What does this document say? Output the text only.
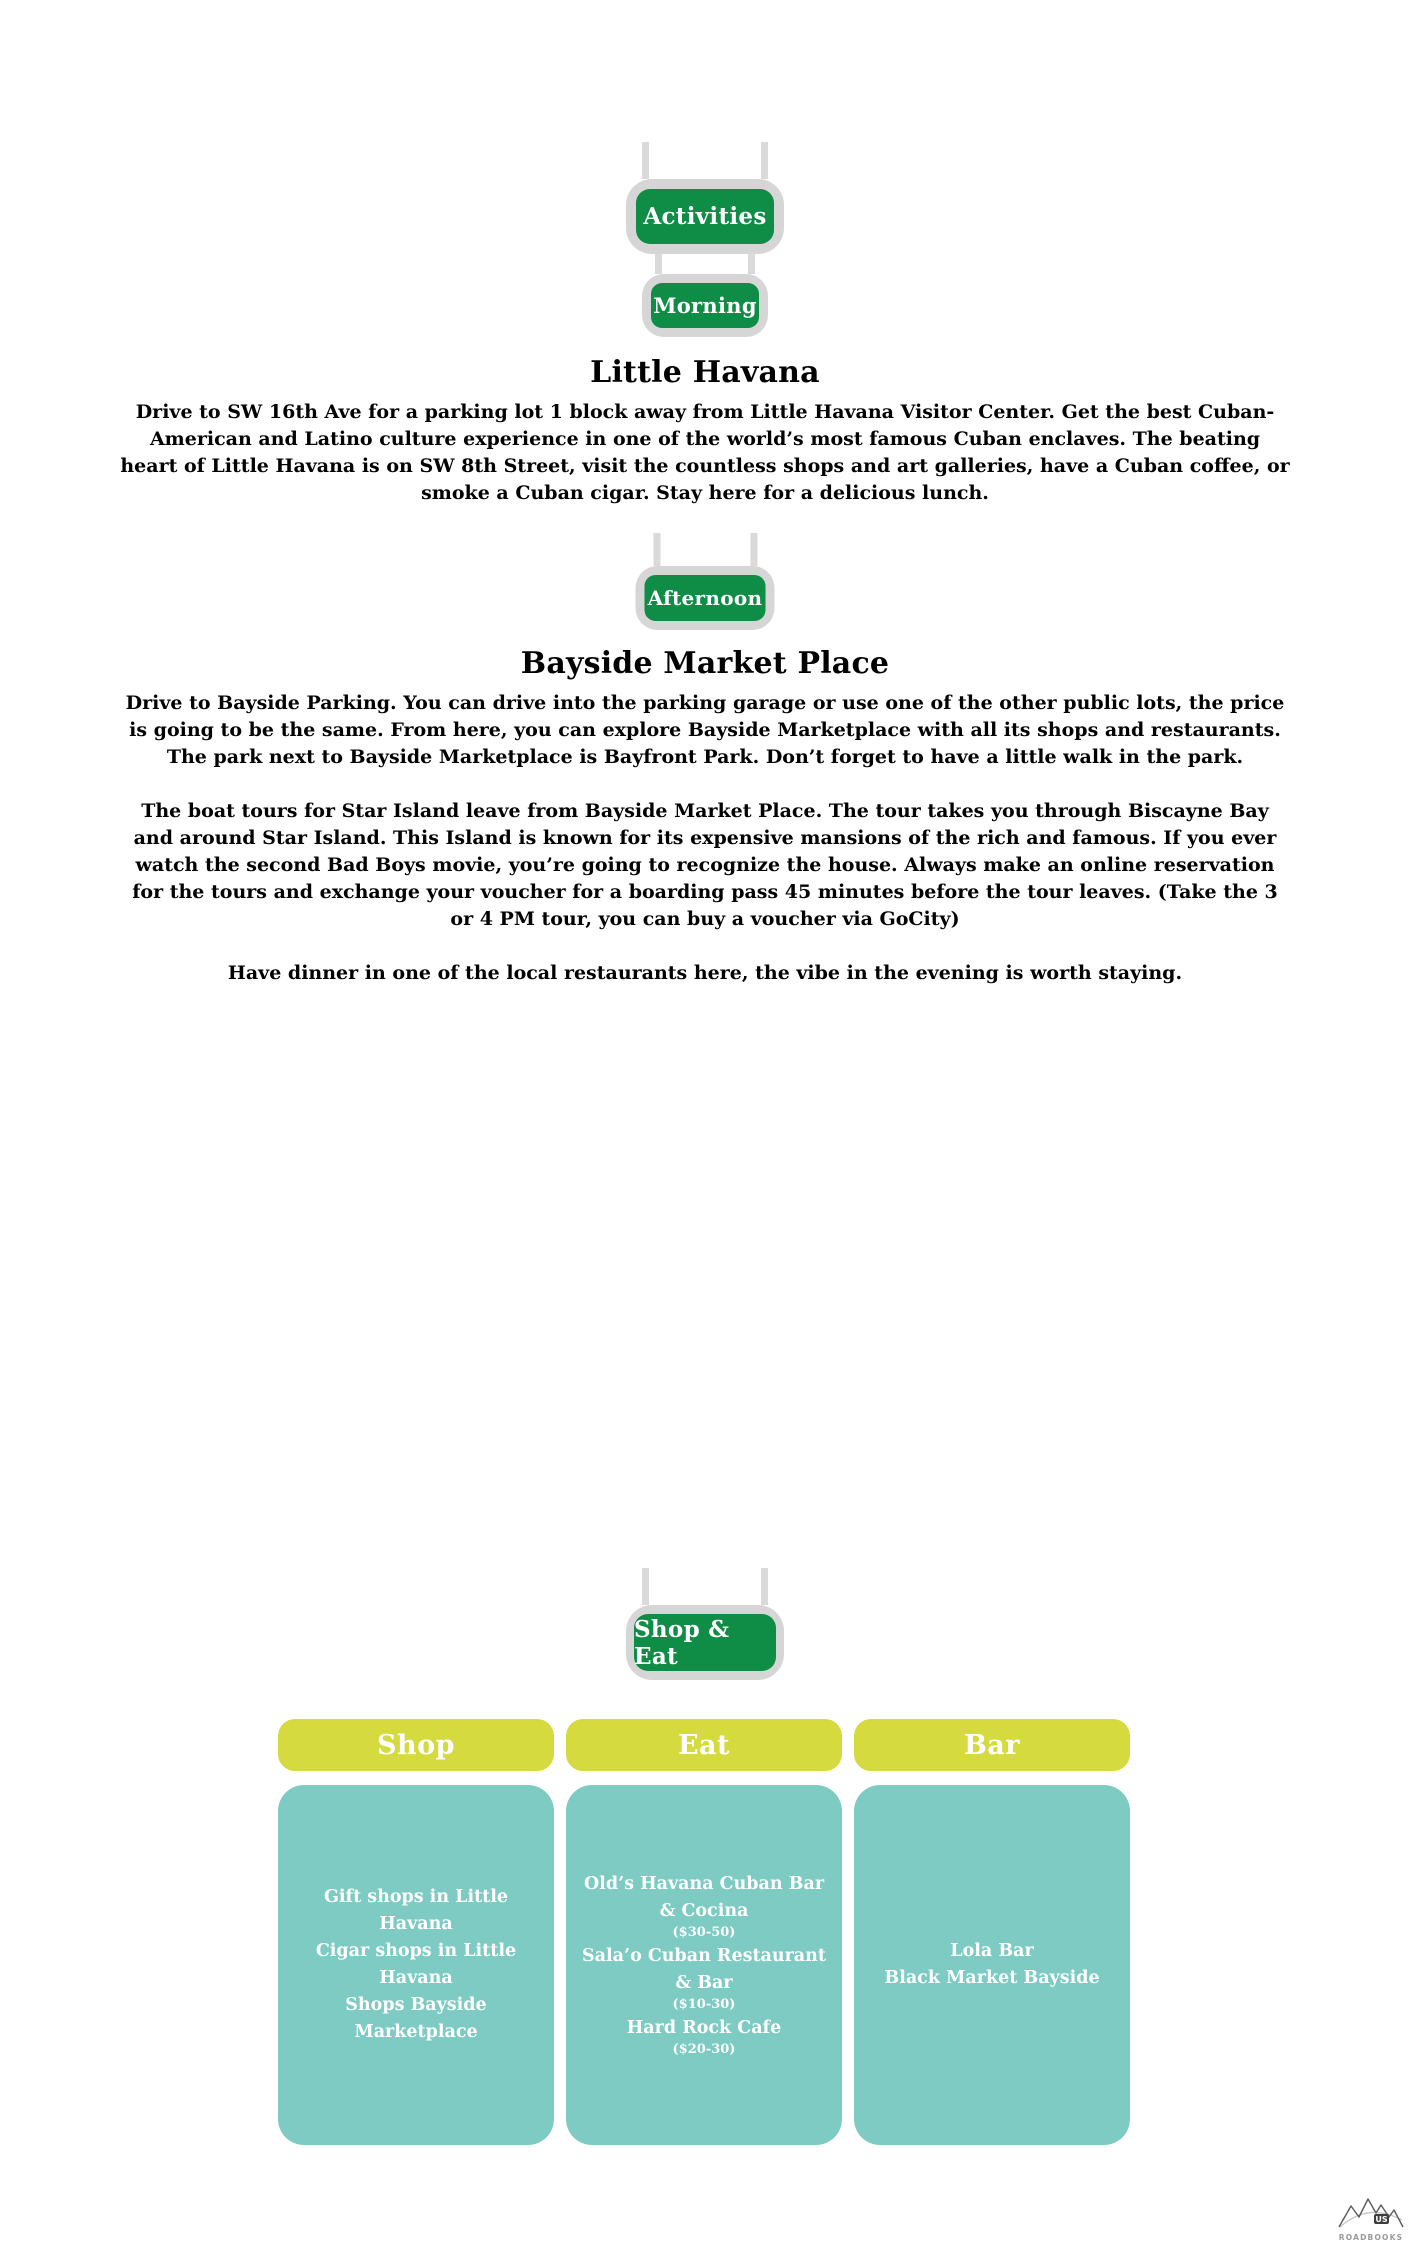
Activities
Morning
Little Havana

Drive to SW 16th Ave for a parking lot 1 block away from Little Havana Visitor Center. Get the best Cuban-American and Latino culture experience in one of the world’s most famous Cuban enclaves. The beating heart of Little Havana is on SW 8th Street, visit the countless shops and art galleries, have a Cuban coffee, or smoke a Cuban cigar. Stay here for a delicious lunch.

Afternoon
Bayside Market Place

Drive to Bayside Parking. You can drive into the parking garage or use one of the other public lots, the price is going to be the same. From here, you can explore Bayside Marketplace with all its shops and restaurants. The park next to Bayside Marketplace is Bayfront Park. Don’t forget to have a little walk in the park.

The boat tours for Star Island leave from Bayside Market Place. The tour takes you through Biscayne Bay and around Star Island. This Island is known for its expensive mansions of the rich and famous. If you ever watch the second Bad Boys movie, you’re going to recognize the house. Always make an online reservation for the tours and exchange your voucher for a boarding pass 45 minutes before the tour leaves. (Take the 3 or 4 PM tour, you can buy a voucher via GoCity)

Have dinner in one of the local restaurants here, the vibe in the evening is worth staying.

Shop & Eat
Shop
Gift shops in Little Havana
Cigar shops in Little Havana
Shops Bayside Marketplace
Eat
Old’s Havana Cuban Bar & Cocina
($30-50)
Sala’o Cuban Restaurant & Bar
($10-30)
Hard Rock Cafe
($20-30)
Bar
Lola Bar
Black Market Bayside
US
ROADBOOKS
